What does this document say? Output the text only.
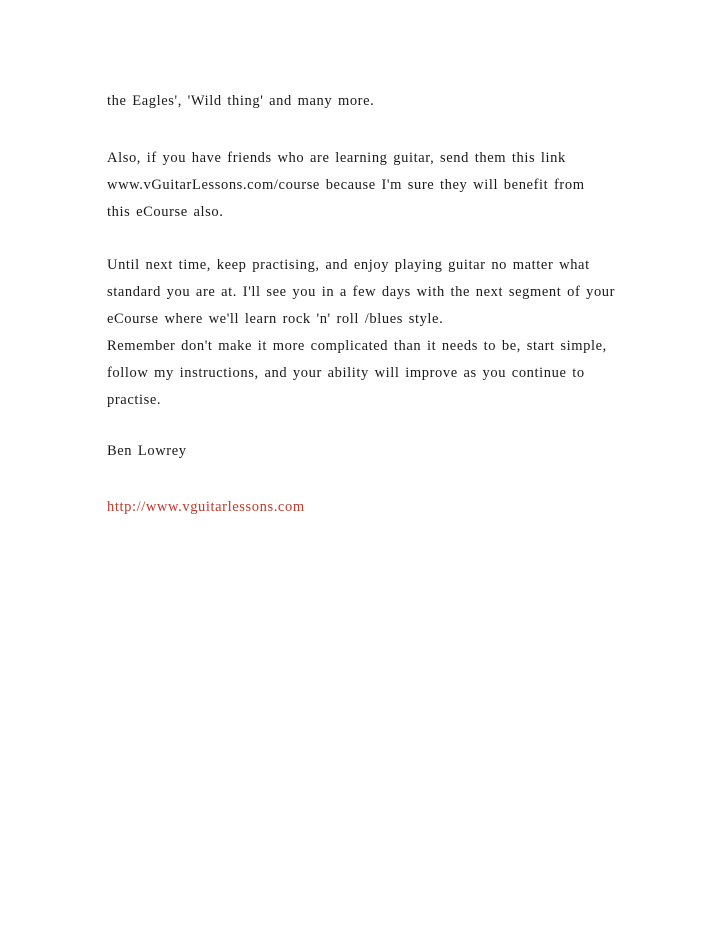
the Eagles', 'Wild thing' and many more.
Also, if you have friends who are learning guitar, send them this link
www.vGuitarLessons.com/course because I'm sure they will benefit from
this eCourse also.
Until next time, keep practising, and enjoy playing guitar no matter what
standard you are at. I'll see you in a few days with the next segment of your
eCourse where we'll learn rock 'n' roll /blues style.
Remember don't make it more complicated than it needs to be, start simple,
follow my instructions, and your ability will improve as you continue to
practise.
Ben Lowrey
http://www.vguitarlessons.com
